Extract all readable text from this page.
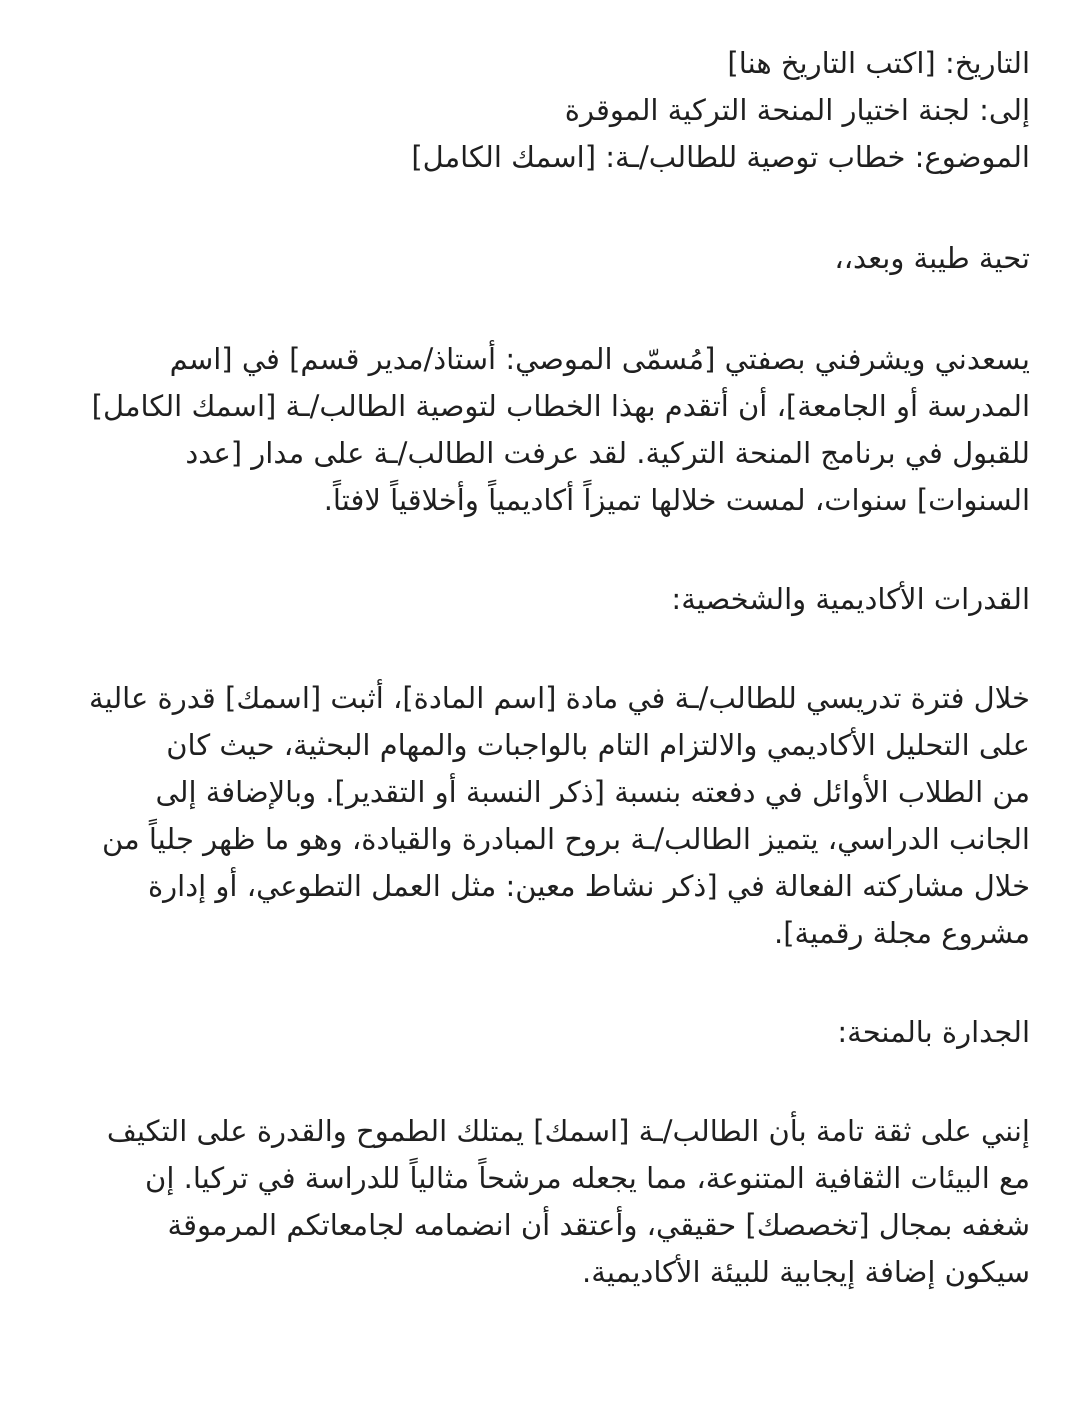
التاريخ: [اكتب التاريخ هنا]

إلى: لجنة اختيار المنحة التركية الموقرة

الموضوع: خطاب توصية للطالب/ـة: [اسمك الكامل]

تحية طيبة وبعد،،

يسعدني ويشرفني بصفتي [مُسمّى الموصي: أستاذ/مدير قسم] في [اسم
المدرسة أو الجامعة]، أن أتقدم بهذا الخطاب لتوصية الطالب/ـة [اسمك الكامل]
للقبول في برنامج المنحة التركية. لقد عرفت الطالب/ـة على مدار [عدد
السنوات] سنوات، لمست خلالها تميزاً أكاديمياً وأخلاقياً لافتاً.

القدرات الأكاديمية والشخصية:

خلال فترة تدريسي للطالب/ـة في مادة [اسم المادة]، أثبت [اسمك] قدرة عالية
على التحليل الأكاديمي والالتزام التام بالواجبات والمهام البحثية، حيث كان
من الطلاب الأوائل في دفعته بنسبة [ذكر النسبة أو التقدير]. وبالإضافة إلى
الجانب الدراسي، يتميز الطالب/ـة بروح المبادرة والقيادة، وهو ما ظهر جلياً من
خلال مشاركته الفعالة في [ذكر نشاط معين: مثل العمل التطوعي، أو إدارة
مشروع مجلة رقمية].

الجدارة بالمنحة:

إنني على ثقة تامة بأن الطالب/ـة [اسمك] يمتلك الطموح والقدرة على التكيف
مع البيئات الثقافية المتنوعة، مما يجعله مرشحاً مثالياً للدراسة في تركيا. إن
شغفه بمجال [تخصصك] حقيقي، وأعتقد أن انضمامه لجامعاتكم المرموقة
سيكون إضافة إيجابية للبيئة الأكاديمية.
